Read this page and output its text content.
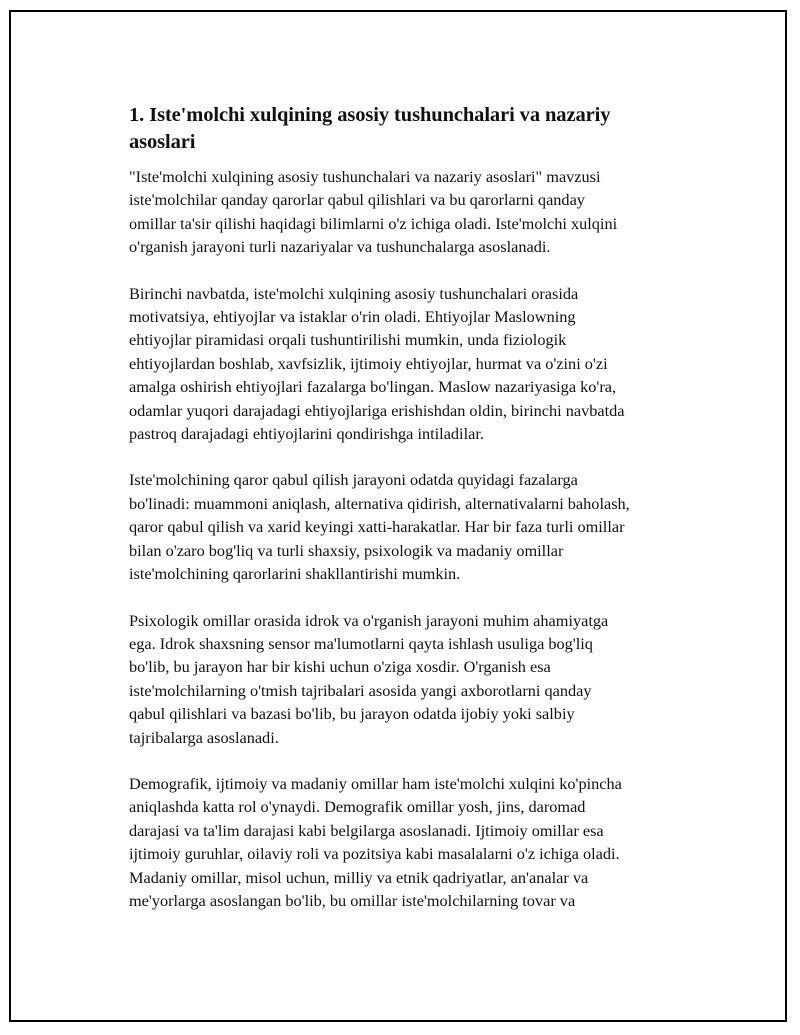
1. Iste'molchi xulqining asosiy tushunchalari va nazariy
asoslari

"Iste'molchi xulqining asosiy tushunchalari va nazariy asoslari" mavzusi
iste'molchilar qanday qarorlar qabul qilishlari va bu qarorlarni qanday
omillar ta'sir qilishi haqidagi bilimlarni o'z ichiga oladi. Iste'molchi xulqini
o'rganish jarayoni turli nazariyalar va tushunchalarga asoslanadi.

Birinchi navbatda, iste'molchi xulqining asosiy tushunchalari orasida
motivatsiya, ehtiyojlar va istaklar o'rin oladi. Ehtiyojlar Maslowning
ehtiyojlar piramidasi orqali tushuntirilishi mumkin, unda fiziologik
ehtiyojlardan boshlab, xavfsizlik, ijtimoiy ehtiyojlar, hurmat va o'zini o'zi
amalga oshirish ehtiyojlari fazalarga bo'lingan. Maslow nazariyasiga ko'ra,
odamlar yuqori darajadagi ehtiyojlariga erishishdan oldin, birinchi navbatda
pastroq darajadagi ehtiyojlarini qondirishga intiladilar.

Iste'molchining qaror qabul qilish jarayoni odatda quyidagi fazalarga
bo'linadi: muammoni aniqlash, alternativa qidirish, alternativalarni baholash,
qaror qabul qilish va xarid keyingi xatti-harakatlar. Har bir faza turli omillar
bilan o'zaro bog'liq va turli shaxsiy, psixologik va madaniy omillar
iste'molchining qarorlarini shakllantirishi mumkin.

Psixologik omillar orasida idrok va o'rganish jarayoni muhim ahamiyatga
ega. Idrok shaxsning sensor ma'lumotlarni qayta ishlash usuliga bog'liq
bo'lib, bu jarayon har bir kishi uchun o'ziga xosdir. O'rganish esa
iste'molchilarning o'tmish tajribalari asosida yangi axborotlarni qanday
qabul qilishlari va bazasi bo'lib, bu jarayon odatda ijobiy yoki salbiy
tajribalarga asoslanadi.

Demografik, ijtimoiy va madaniy omillar ham iste'molchi xulqini ko'pincha
aniqlashda katta rol o'ynaydi. Demografik omillar yosh, jins, daromad
darajasi va ta'lim darajasi kabi belgilarga asoslanadi. Ijtimoiy omillar esa
ijtimoiy guruhlar, oilaviy roli va pozitsiya kabi masalalarni o'z ichiga oladi.
Madaniy omillar, misol uchun, milliy va etnik qadriyatlar, an'analar va
me'yorlarga asoslangan bo'lib, bu omillar iste'molchilarning tovar va
